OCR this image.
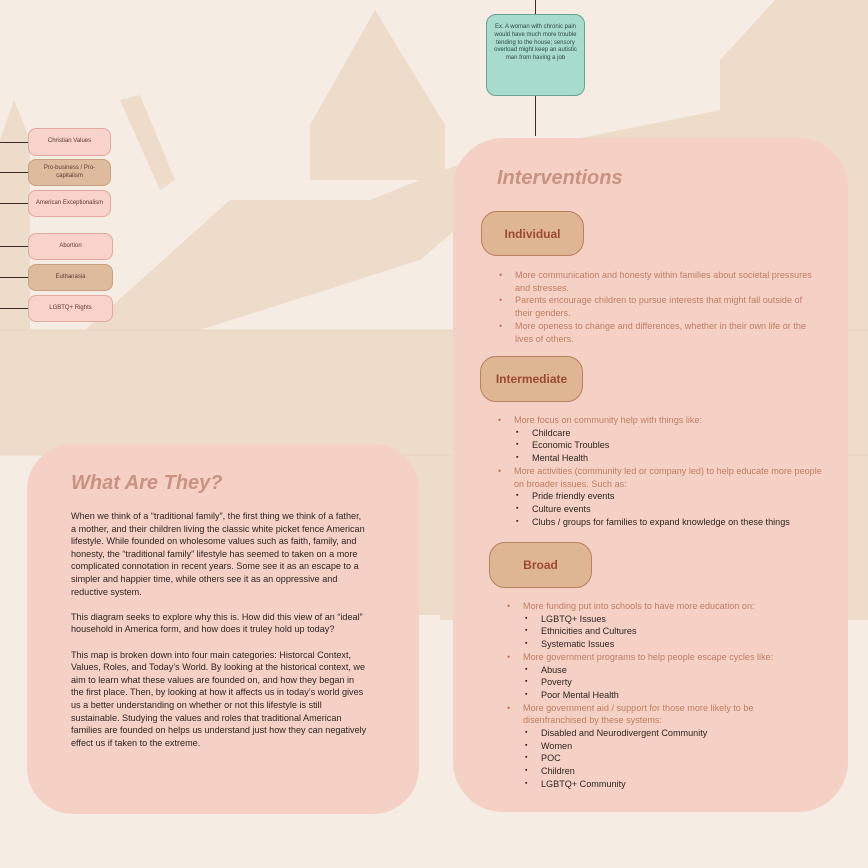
Christian Values
Pro-business / Pro-capitalism
American Exceptionalism
Abortion
Euthanasia
LGBTQ+ Rights
Ex. A woman with chronic pain would have much more trouble tending to the house; sensory overload might keep an autistic man from having a job
What Are They?

When we think of a “traditional family”, the first thing we think of a father, a mother, and their children living the classic white picket fence American lifestyle. While founded on wholesome values such as faith, family, and honesty, the “traditional family” lifestyle has seemed to taken on a more complicated connotation in recent years. Some see it as an escape to a simpler and happier time, while others see it as an oppressive and reductive system.

This diagram seeks to explore why this is. How did this view of an “ideal” household in America form, and how does it truley hold up today?

This map is broken down into four main categories: Historcal Context, Values, Roles, and Today’s World. By looking at the historical context, we aim to learn what these values are founded on, and how they began in the first place. Then, by looking at how it affects us in today’s world gives us a better understanding on whether or not this lifestyle is still sustainable. Studying the values and roles that traditional American families are founded on helps us understand just how they can negatively effect us if taken to the extreme.

Interventions
Individual
• More communication and honesty within families about societal pressures and stresses.
• Parents encourage children to pursue interests that might fall outside of their genders.
• More openess to change and differences, whether in their own life or the lives of others.
Intermediate
• More focus on community help with things like:
▪ Childcare
▪ Economic Troubles
▪ Mental Health
• More activities (community led or company led) to help educate more people on broader issues. Such as:
▪ Pride friendly events
▪ Culture events
▪ Clubs / groups for families to expand knowledge on these things
Broad
• More funding put into schools to have more education on:
▪ LGBTQ+ Issues
▪ Ethnicities and Cultures
▪ Systematic Issues
• More government programs to help people escape cycles like:
▪ Abuse
▪ Poverty
▪ Poor Mental Health
• More government aid / support for those more likely to be disenfranchised by these systems:
▪ Disabled and Neurodivergent Community
▪ Women
▪ POC
▪ Children
▪ LGBTQ+ Community
